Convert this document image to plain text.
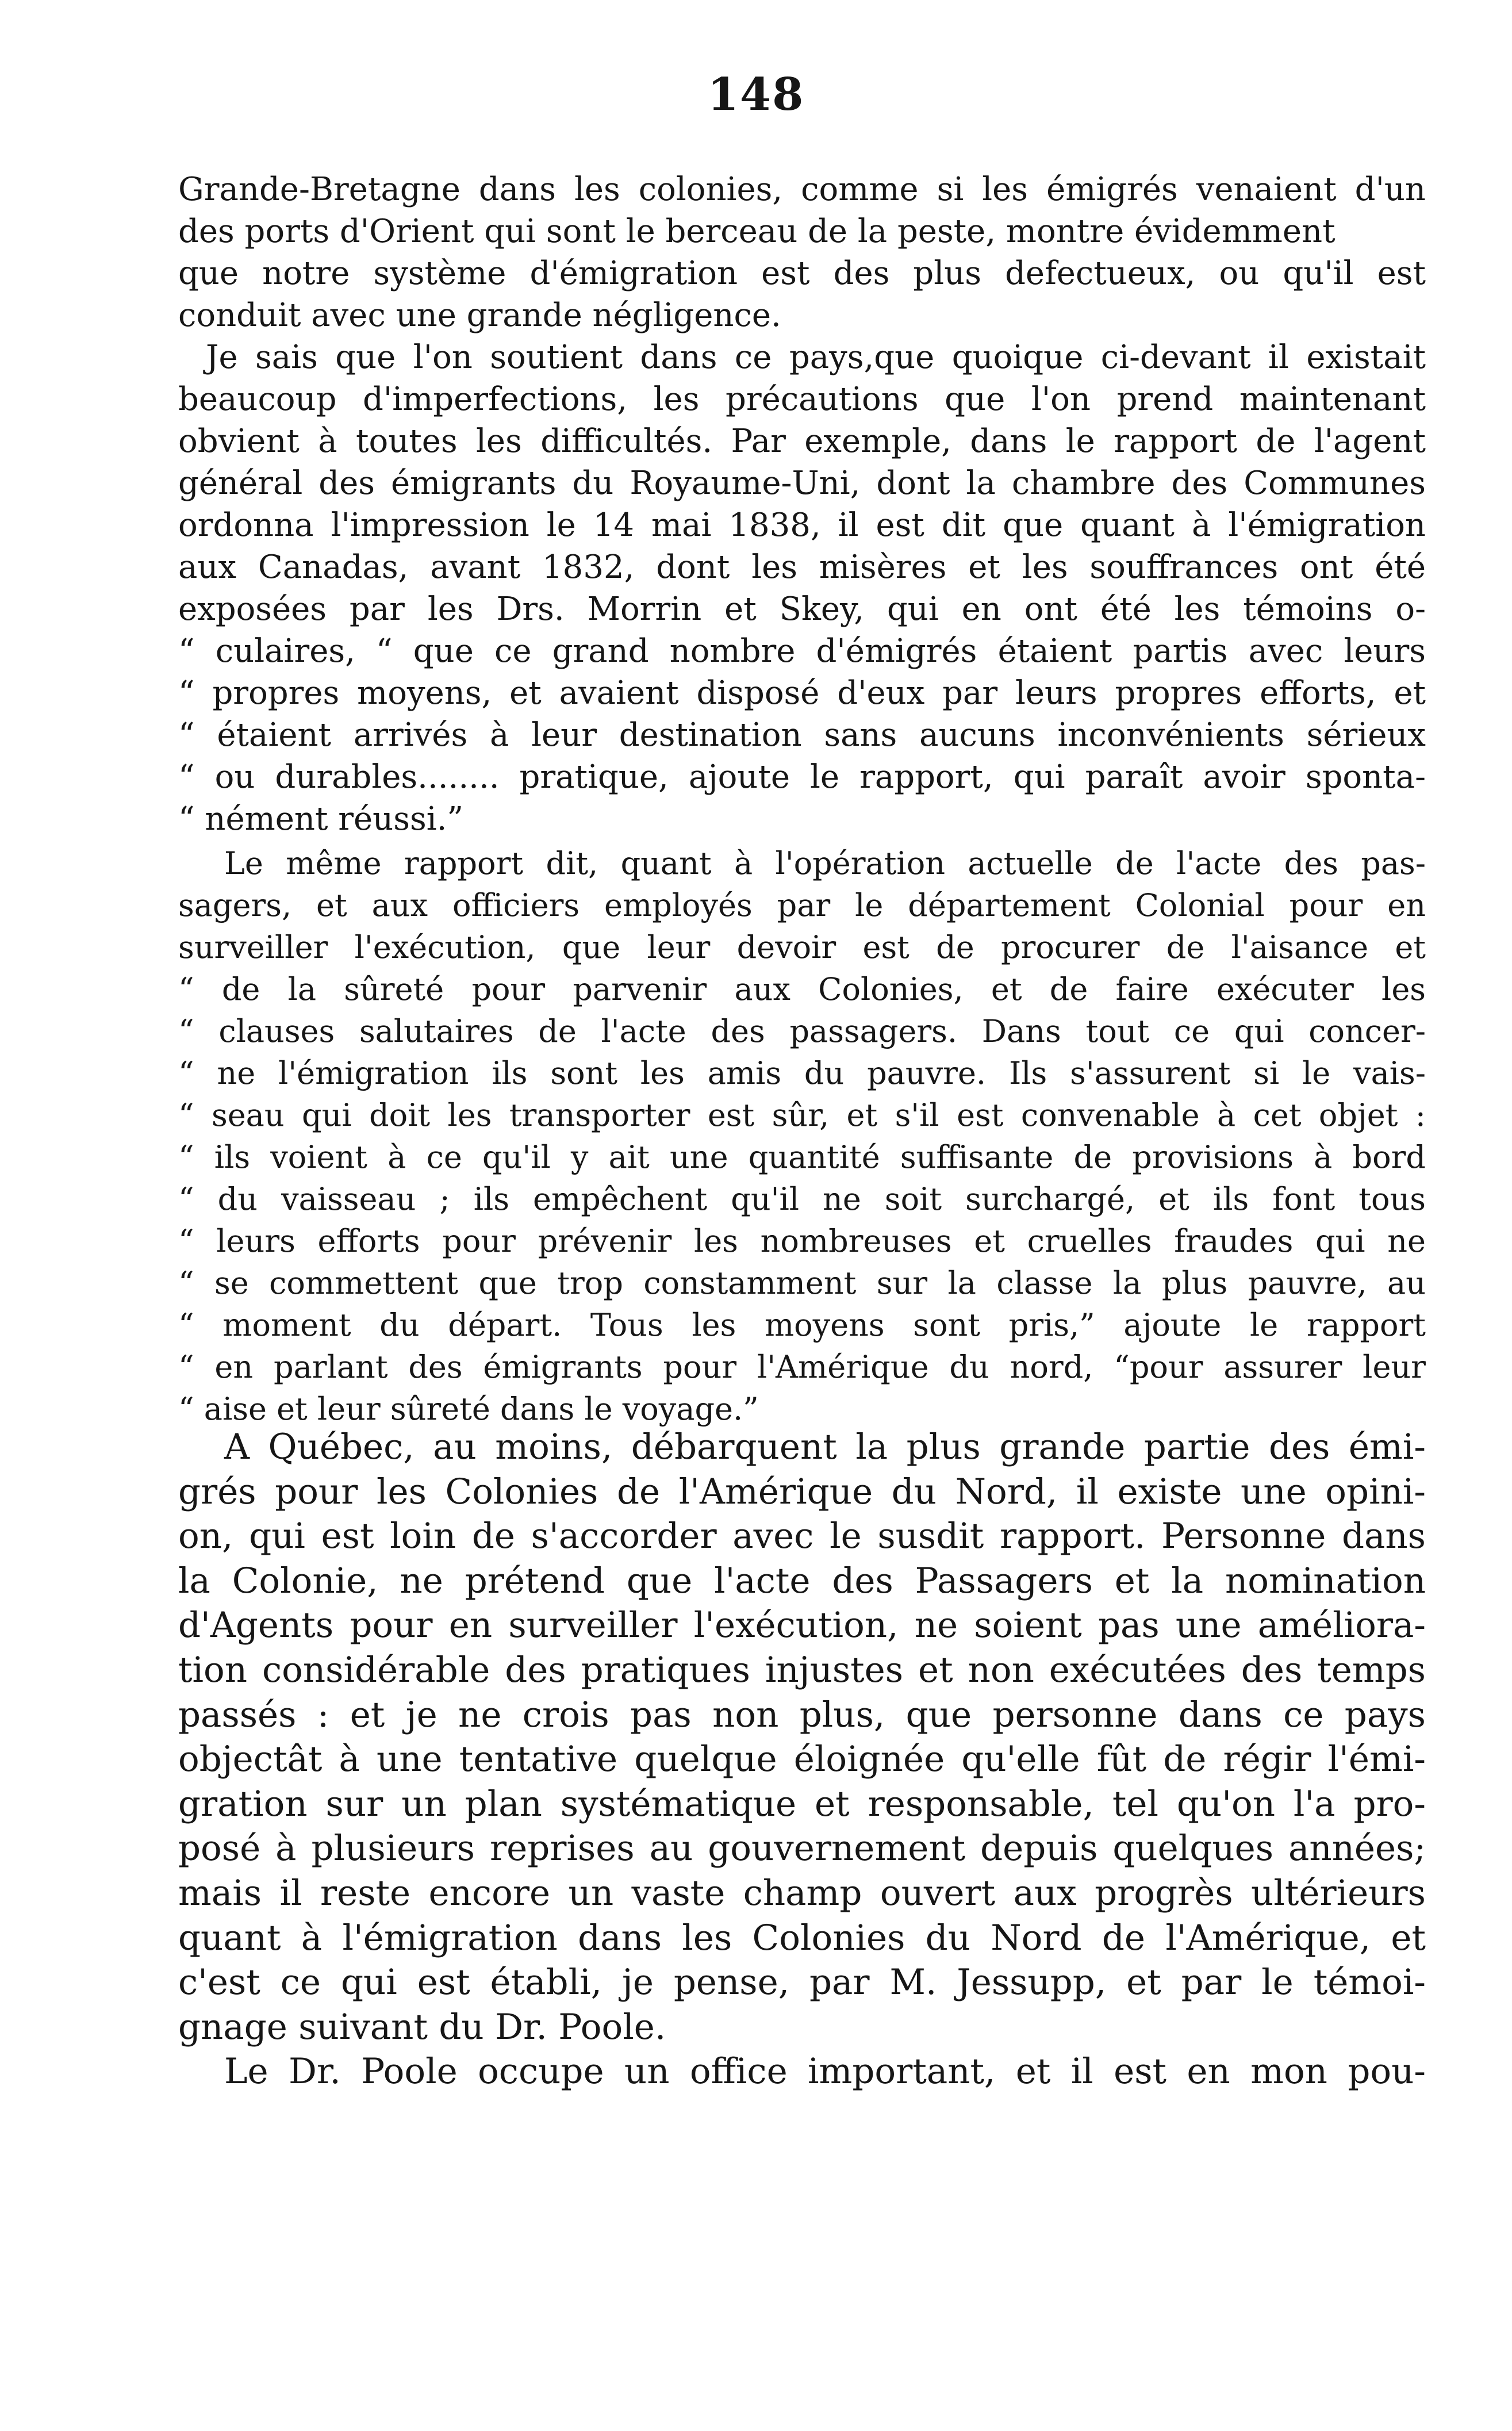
148
Grande-Bretagne dans les colonies, comme si les émigrés venaient d'un
des ports d'Orient qui sont le berceau de la peste, montre évidemment
que notre système d'émigration est des plus defectueux, ou qu'il est
conduit avec une grande négligence.
Je sais que l'on soutient dans ce pays,que quoique ci-devant il existait
beaucoup d'imperfections, les précautions que l'on prend maintenant
obvient à toutes les difficultés. Par exemple, dans le rapport de l'agent
général des émigrants du Royaume-Uni, dont la chambre des Communes
ordonna l'impression le 14 mai 1838, il est dit que quant à l'émigration
aux Canadas, avant 1832, dont les misères et les souffrances ont été
exposées par les Drs. Morrin et Skey, qui en ont été les témoins o-
“ culaires, “ que ce grand nombre d'émigrés étaient partis avec leurs
“ propres moyens, et avaient disposé d'eux par leurs propres efforts, et
“ étaient arrivés à leur destination sans aucuns inconvénients sérieux
“ ou durables........ pratique, ajoute le rapport, qui paraît avoir sponta-
“ nément réussi.”
Le même rapport dit, quant à l'opération actuelle de l'acte des pas-
sagers, et aux officiers employés par le département Colonial pour en
surveiller l'exécution, que leur devoir est de procurer de l'aisance et
“ de la sûreté pour parvenir aux Colonies, et de faire exécuter les
“ clauses salutaires de l'acte des passagers. Dans tout ce qui concer-
“ ne l'émigration ils sont les amis du pauvre. Ils s'assurent si le vais-
“ seau qui doit les transporter est sûr, et s'il est convenable à cet objet :
“ ils voient à ce qu'il y ait une quantité suffisante de provisions à bord
“ du vaisseau ; ils empêchent qu'il ne soit surchargé, et ils font tous
“ leurs efforts pour prévenir les nombreuses et cruelles fraudes qui ne
“ se commettent que trop constamment sur la classe la plus pauvre, au
“ moment du départ. Tous les moyens sont pris,” ajoute le rapport
“ en parlant des émigrants pour l'Amérique du nord, “pour assurer leur
“ aise et leur sûreté dans le voyage.”
A Québec, au moins, débarquent la plus grande partie des émi-
grés pour les Colonies de l'Amérique du Nord, il existe une opini-
on, qui est loin de s'accorder avec le susdit rapport. Personne dans
la Colonie, ne prétend que l'acte des Passagers et la nomination
d'Agents pour en surveiller l'exécution, ne soient pas une améliora-
tion considérable des pratiques injustes et non exécutées des temps
passés : et je ne crois pas non plus, que personne dans ce pays
objectât à une tentative quelque éloignée qu'elle fût de régir l'émi-
gration sur un plan systématique et responsable, tel qu'on l'a pro-
posé à plusieurs reprises au gouvernement depuis quelques années;
mais il reste encore un vaste champ ouvert aux progrès ultérieurs
quant à l'émigration dans les Colonies du Nord de l'Amérique, et
c'est ce qui est établi, je pense, par M. Jessupp, et par le témoi-
gnage suivant du Dr. Poole.
Le Dr. Poole occupe un office important, et il est en mon pou-
